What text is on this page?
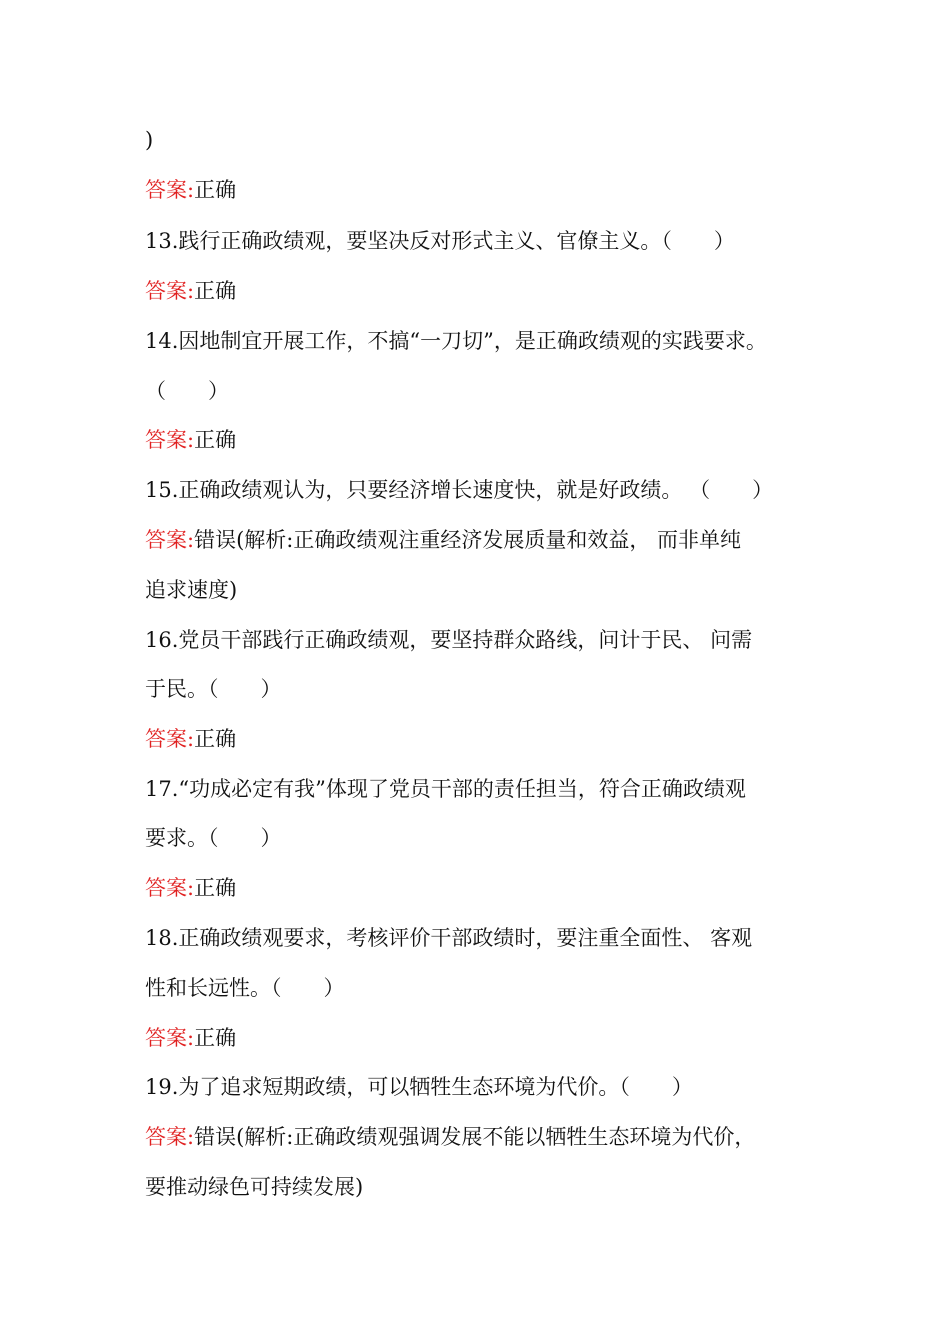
)
答案:正确
13.践行正确政绩观，要坚决反对形式主义、官僚主义。（　　）
答案:正确
14.因地制宜开展工作，不搞“一刀切”，是正确政绩观的实践要求。
（　　）
答案:正确
15.正确政绩观认为，只要经济增长速度快，就是好政绩。 （　　）
答案:错误(解析:正确政绩观注重经济发展质量和效益， 而非单纯
追求速度)
16.党员干部践行正确政绩观，要坚持群众路线，问计于民、 问需
于民。（　　）
答案:正确
17.“功成必定有我”体现了党员干部的责任担当，符合正确政绩观
要求。（　　）
答案:正确
18.正确政绩观要求，考核评价干部政绩时，要注重全面性、 客观
性和长远性。（　　）
答案:正确
19.为了追求短期政绩，可以牺牲生态环境为代价。（　　）
答案:错误(解析:正确政绩观强调发展不能以牺牲生态环境为代价，
要推动绿色可持续发展)
